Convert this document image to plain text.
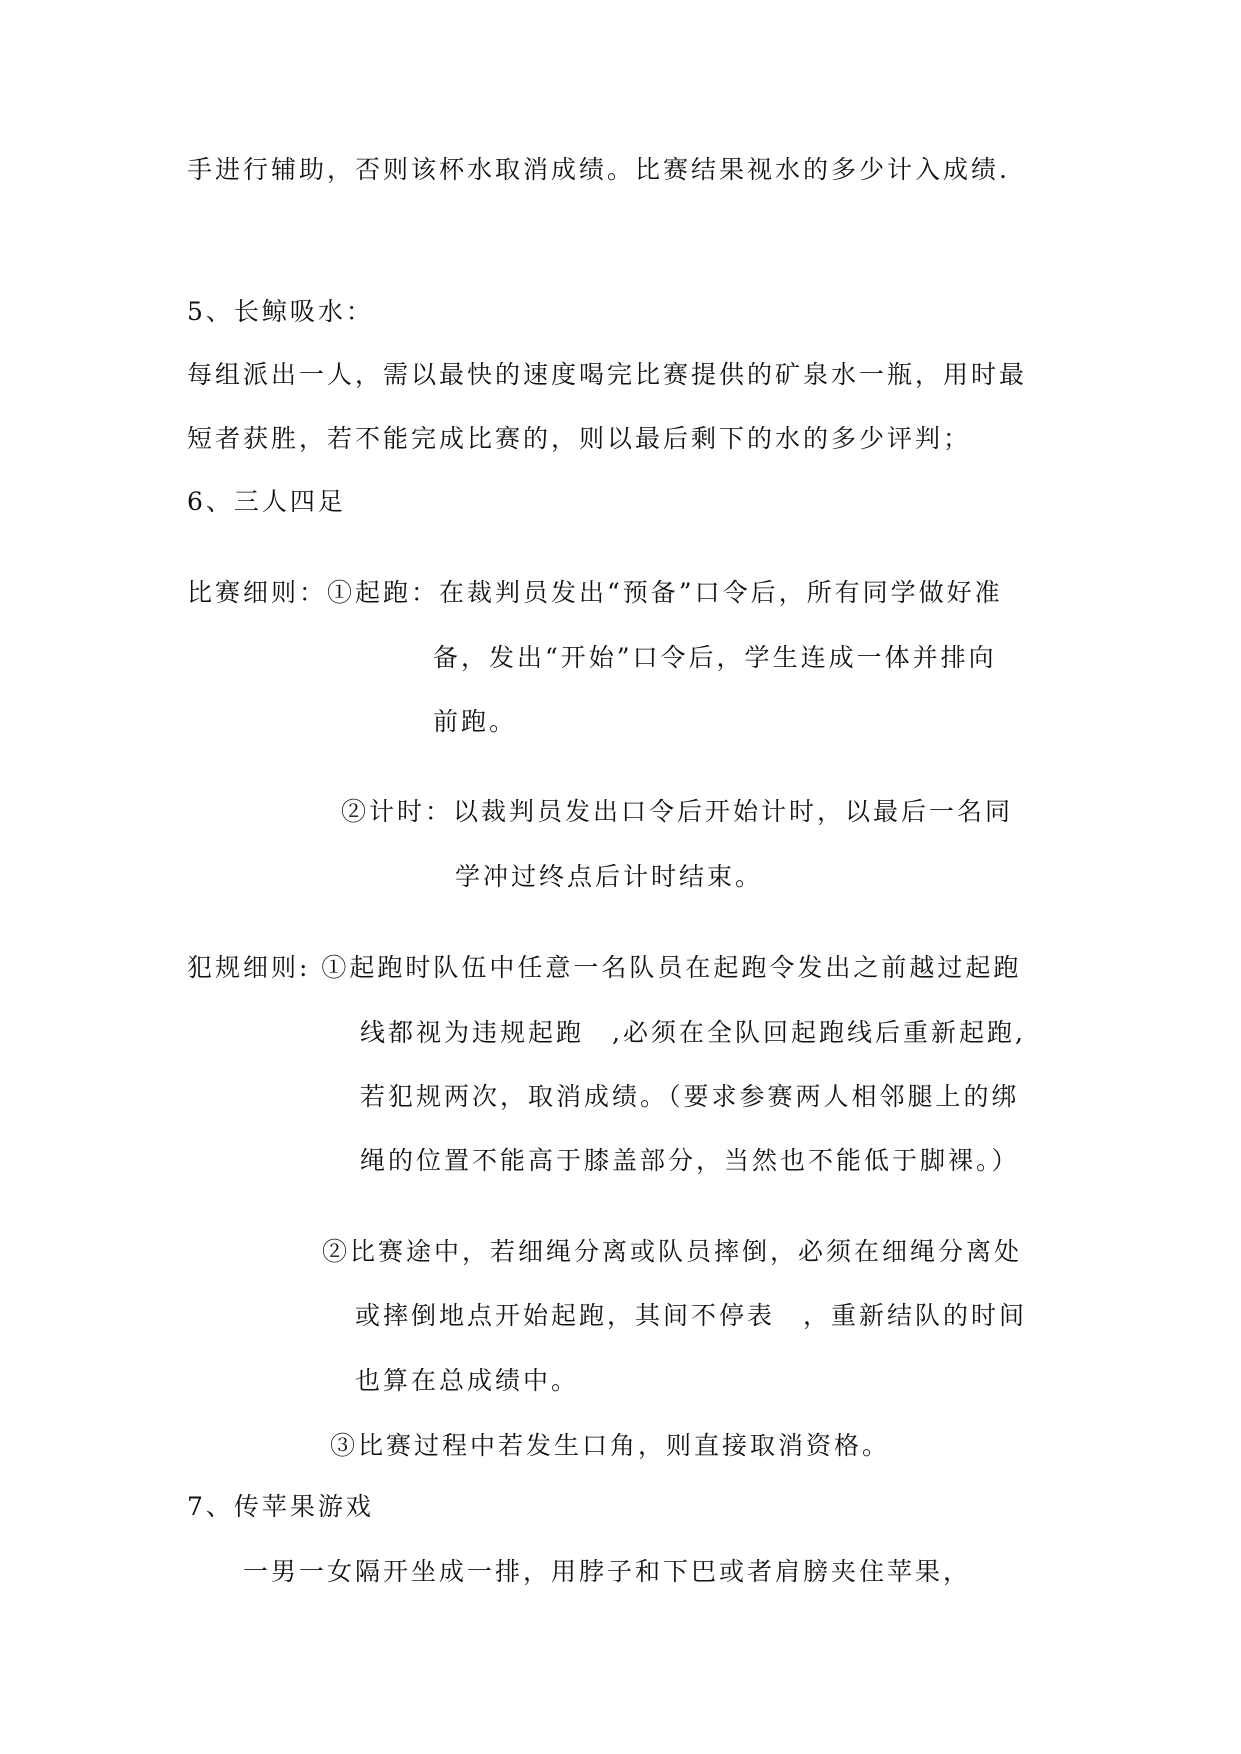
手进行辅助，否则该杯水取消成绩。比赛结果视水的多少计入成绩.
5、长鲸吸水：
每组派出一人，需以最快的速度喝完比赛提供的矿泉水一瓶，用时最
短者获胜，若不能完成比赛的，则以最后剩下的水的多少评判；
6、三人四足
比赛细则：①起跑：在裁判员发出“预备”口令后，所有同学做好准
备，发出“开始”口令后，学生连成一体并排向
前跑。
②计时：以裁判员发出口令后开始计时，以最后一名同
学冲过终点后计时结束。
犯规细则: ①起跑时队伍中任意一名队员在起跑令发出之前越过起跑
线都视为违规起跑　,必须在全队回起跑线后重新起跑,
若犯规两次，取消成绩。（要求参赛两人相邻腿上的绑
绳的位置不能高于膝盖部分，当然也不能低于脚裸。）
②比赛途中，若细绳分离或队员摔倒，必须在细绳分离处
或摔倒地点开始起跑，其间不停表　，重新结队的时间
也算在总成绩中。
③比赛过程中若发生口角，则直接取消资格。
7、传苹果游戏
一男一女隔开坐成一排，用脖子和下巴或者肩膀夹住苹果，
